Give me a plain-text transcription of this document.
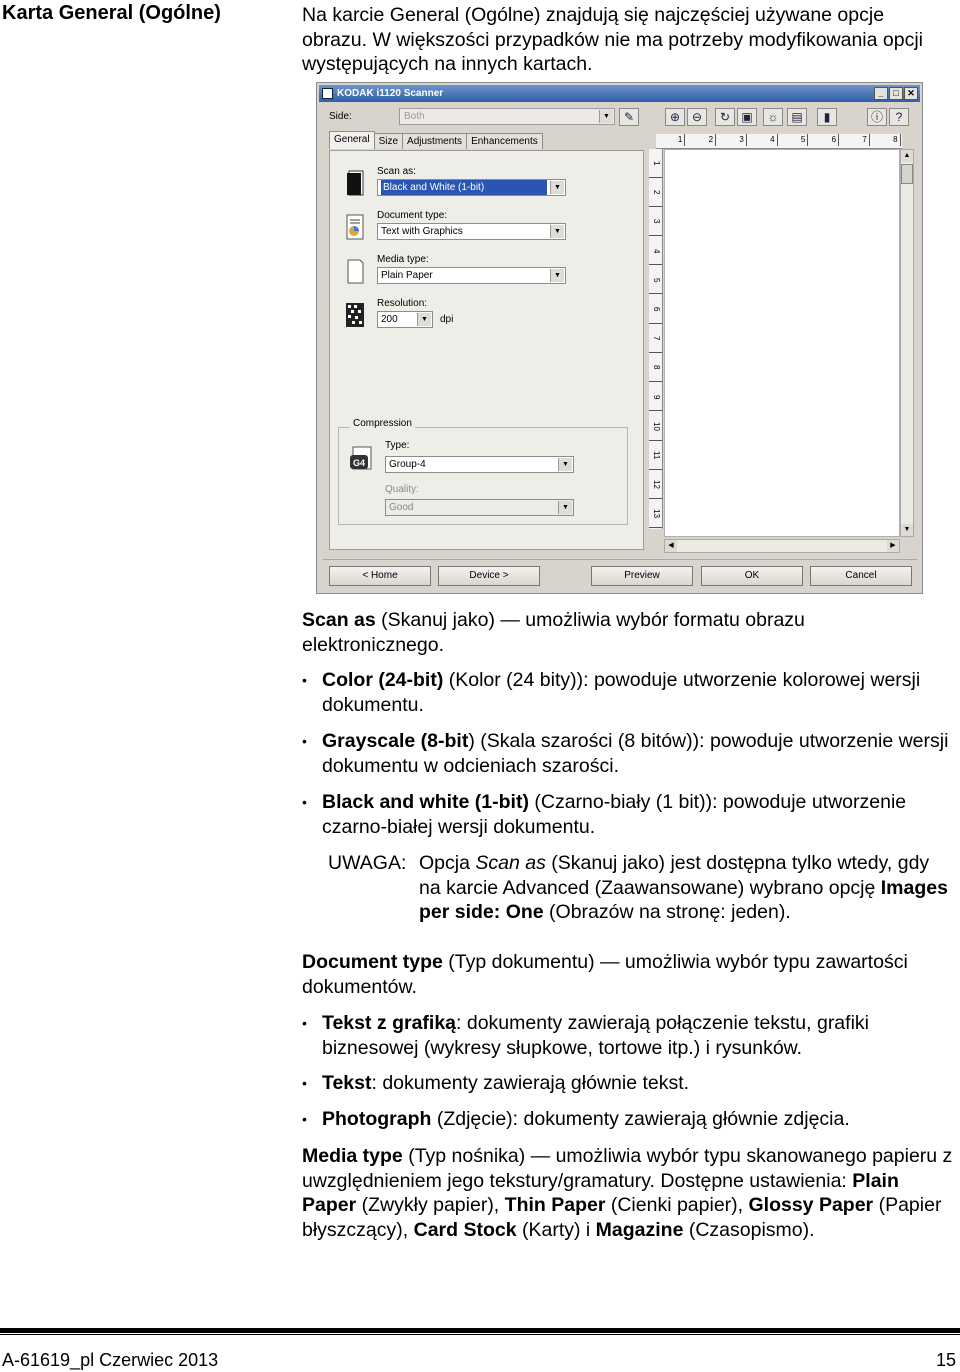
Karta General (Ogólne)	Na karcie General (Ogólne) znajdują się najczęściej używane opcje obrazu. W większości przypadków nie ma potrzeby modyfikowania opcji występujących na innych kartach.
KODAK i1120 Scanner	_	□ ✕
Side:	Both	▼	✎	⊕ ⊖	↻ ▣	☼	▤	▮	ⓘ	?
General Size Adjustments Enhancements
Scan as:
Black and White (1-bit)	▼
Document type:
Text with Graphics	▼
Media type:
Plain Paper	▼
Resolution:
200	▼	dpi
Compression
G4
Type:
Group-4	▼
Quality:
Good	▼
1	2	3	4	5	6	7	8
1
2
3
4
5
6
7
8
9
10
11
12
13
▲
▼
◀	▶
< Home	Device >	Preview	OK	Cancel
Scan as (Skanuj jako) — umożliwia wybór formatu obrazu elektronicznego.
• Color (24-bit) (Kolor (24 bity)): powoduje utworzenie kolorowej wersji dokumentu.
• Grayscale (8-bit) (Skala szarości (8 bitów)): powoduje utworzenie wersji dokumentu w odcieniach szarości.
• Black and white (1-bit) (Czarno-biały (1 bit)): powoduje utworzenie czarno-białej wersji dokumentu.
UWAGA: Opcja Scan as (Skanuj jako) jest dostępna tylko wtedy, gdy na karcie Advanced (Zaawansowane) wybrano opcję Images per side: One (Obrazów na stronę: jeden).
Document type (Typ dokumentu) — umożliwia wybór typu zawartości dokumentów.
• Tekst z grafiką: dokumenty zawierają połączenie tekstu, grafiki biznesowej (wykresy słupkowe, tortowe itp.) i rysunków.
• Tekst: dokumenty zawierają głównie tekst.
• Photograph (Zdjęcie): dokumenty zawierają głównie zdjęcia.
Media type (Typ nośnika) — umożliwia wybór typu skanowanego papieru z uwzględnieniem jego tekstury/gramatury. Dostępne ustawienia: Plain Paper (Zwykły papier), Thin Paper (Cienki papier), Glossy Paper (Papier błyszczący), Card Stock (Karty) i Magazine (Czasopismo).
A-61619_pl Czerwiec 2013	15
